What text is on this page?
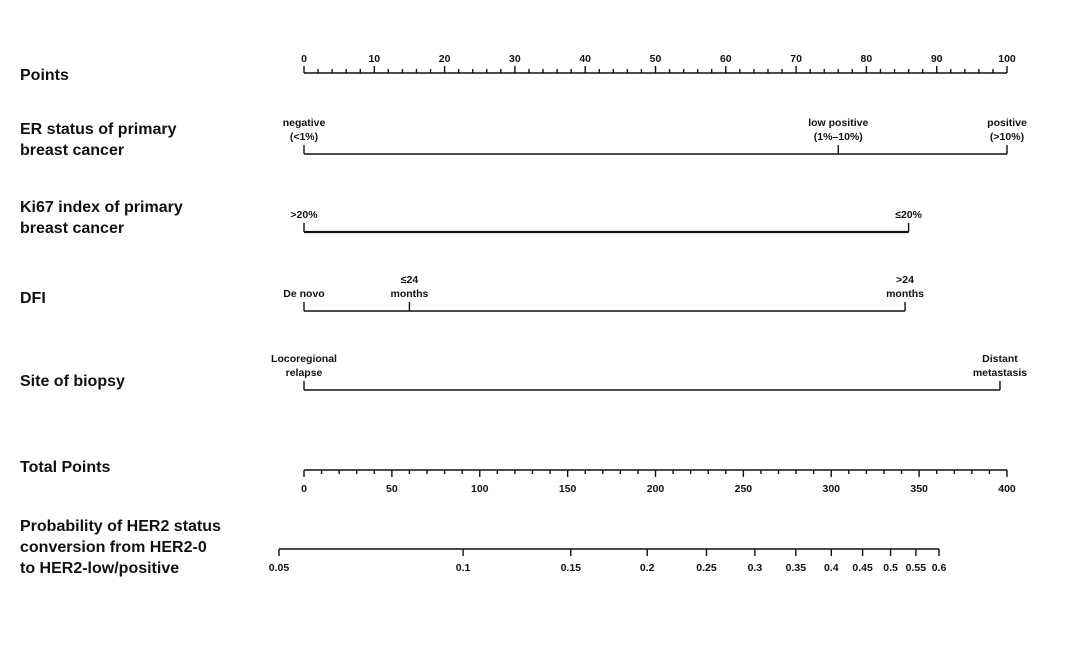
Points
0	10	20	30	40	50	60	70	80	90	100
ER status of primary
breast cancer
negative
(<1%)
low positive
(1%–10%)
positive
(>10%)
Ki67 index of primary
breast cancer
>20%	≤20%
DFI	De novo
≤24
months
>24
months
Site of biopsy
Locoregional
relapse
Distant
metastasis
Total Points
0	50	100	150	200	250	300	350	400
Probability of HER2 status
conversion from HER2-0
to HER2-low/positive	0.05	0.1	0.15	0.2	0.25	0.3 0.35 0.4 0.45 0.5 0.55 0.6
